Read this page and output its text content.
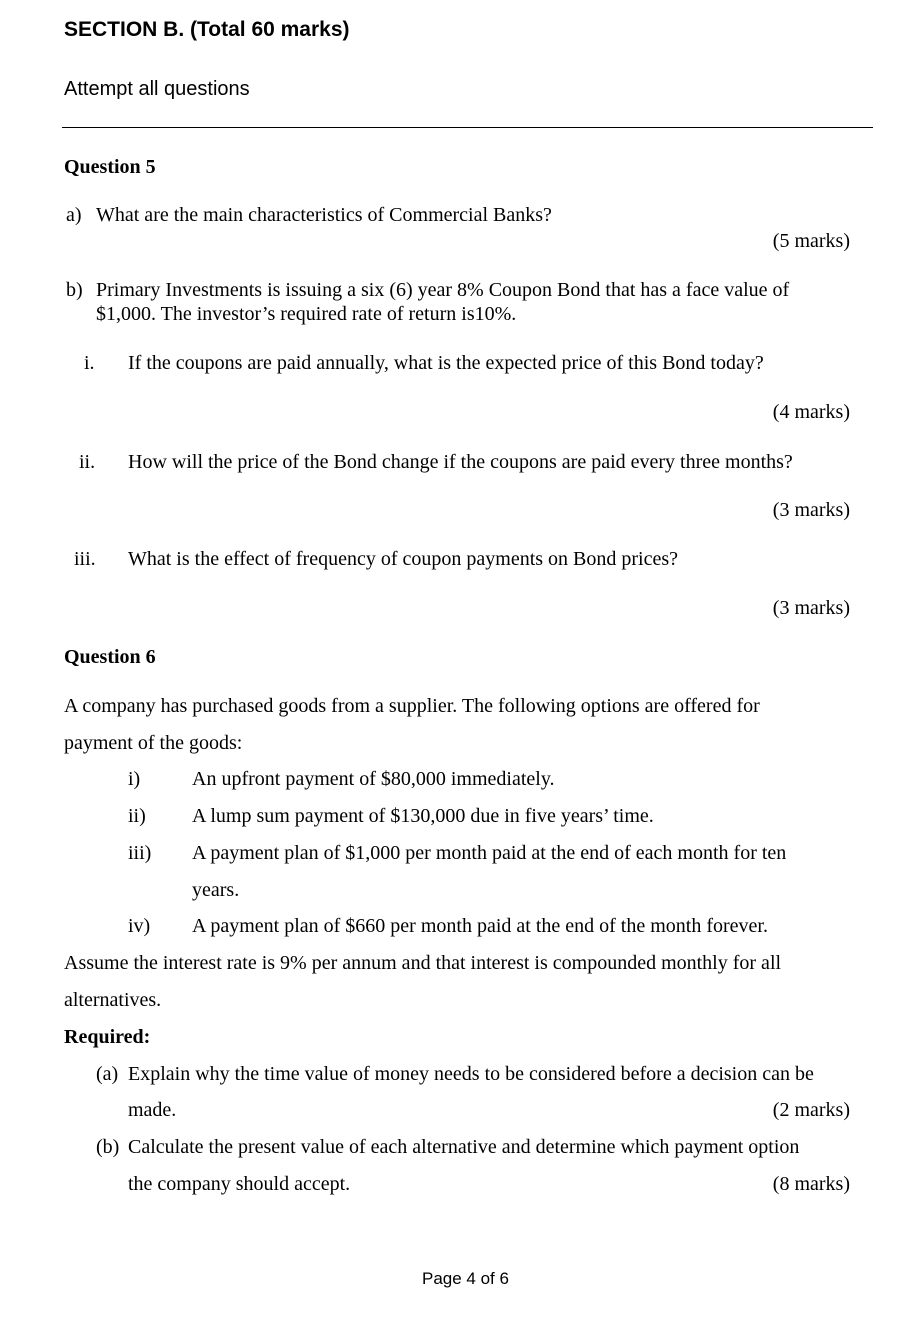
SECTION B. (Total 60 marks)
Attempt all questions
Question 5
a) What are the main characteristics of Commercial Banks?
(5 marks)
b) Primary Investments is issuing a six (6) year 8% Coupon Bond that has a face value of
$1,000. The investor’s required rate of return is10%.
i. If the coupons are paid annually, what is the expected price of this Bond today?
(4 marks)
ii. How will the price of the Bond change if the coupons are paid every three months?
(3 marks)
iii. What is the effect of frequency of coupon payments on Bond prices?
(3 marks)
Question 6
A company has purchased goods from a supplier. The following options are offered for
payment of the goods:
i)	An upfront payment of $80,000 immediately.
ii) A lump sum payment of $130,000 due in five years’ time.
iii) A payment plan of $1,000 per month paid at the end of each month for ten
years.
iv) A payment plan of $660 per month paid at the end of the month forever.
Assume the interest rate is 9% per annum and that interest is compounded monthly for all
alternatives.
Required:
(a) Explain why the time value of money needs to be considered before a decision can be
made.	(2 marks)
(b) Calculate the present value of each alternative and determine which payment option
the company should accept.	(8 marks)
Page 4 of 6
